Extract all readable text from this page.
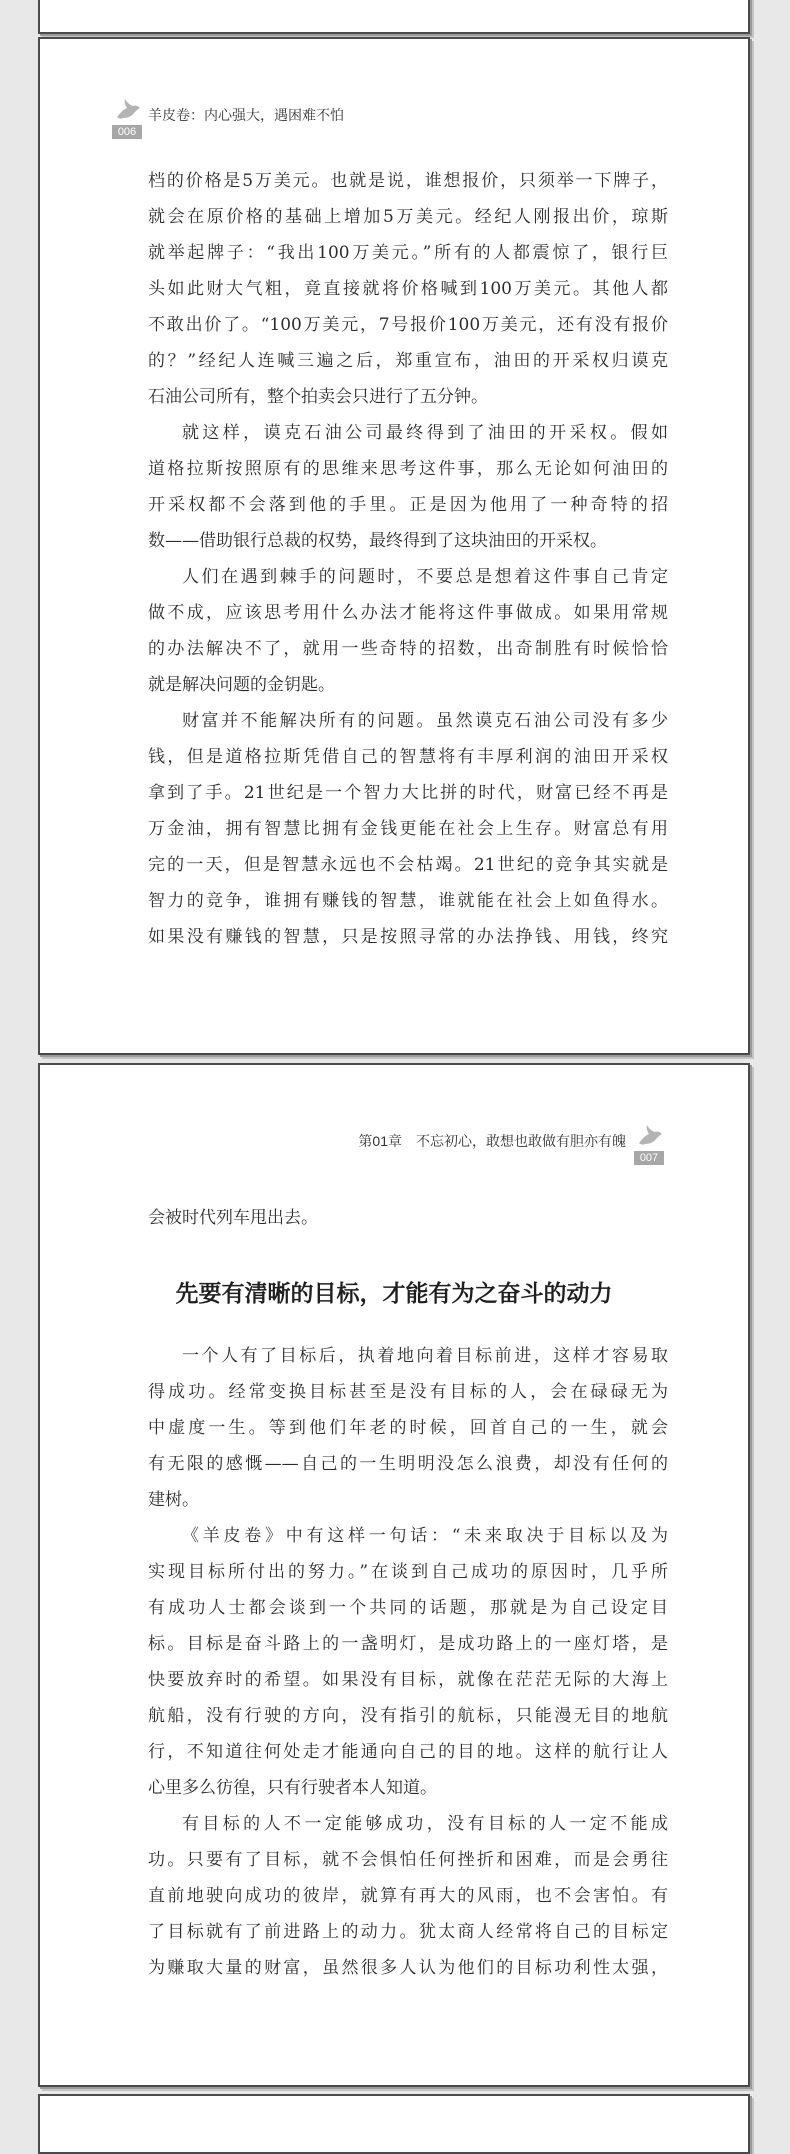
006
羊皮卷：内心强大，遇困难不怕
档的价格是5万美元。也就是说，谁想报价，只须举一下牌子，
就会在原价格的基础上增加5万美元。经纪人刚报出价，琼斯
就举起牌子：“我出100万美元。”所有的人都震惊了，银行巨
头如此财大气粗，竟直接就将价格喊到100万美元。其他人都
不敢出价了。“100万美元，7号报价100万美元，还有没有报价
的？”经纪人连喊三遍之后，郑重宣布，油田的开采权归谟克
石油公司所有，整个拍卖会只进行了五分钟。
就这样，谟克石油公司最终得到了油田的开采权。假如
道格拉斯按照原有的思维来思考这件事，那么无论如何油田的
开采权都不会落到他的手里。正是因为他用了一种奇特的招
数——借助银行总裁的权势，最终得到了这块油田的开采权。
人们在遇到棘手的问题时，不要总是想着这件事自己肯定
做不成，应该思考用什么办法才能将这件事做成。如果用常规
的办法解决不了，就用一些奇特的招数，出奇制胜有时候恰恰
就是解决问题的金钥匙。
财富并不能解决所有的问题。虽然谟克石油公司没有多少
钱，但是道格拉斯凭借自己的智慧将有丰厚利润的油田开采权
拿到了手。21世纪是一个智力大比拼的时代，财富已经不再是
万金油，拥有智慧比拥有金钱更能在社会上生存。财富总有用
完的一天，但是智慧永远也不会枯竭。21世纪的竞争其实就是
智力的竞争，谁拥有赚钱的智慧，谁就能在社会上如鱼得水。
如果没有赚钱的智慧，只是按照寻常的办法挣钱、用钱，终究
第01章　不忘初心，敢想也敢做有胆亦有魄
007
会被时代列车甩出去。
先要有清晰的目标，才能有为之奋斗的动力
一个人有了目标后，执着地向着目标前进，这样才容易取
得成功。经常变换目标甚至是没有目标的人，会在碌碌无为
中虚度一生。等到他们年老的时候，回首自己的一生，就会
有无限的感慨——自己的一生明明没怎么浪费，却没有任何的
建树。
《羊皮卷》中有这样一句话：“未来取决于目标以及为
实现目标所付出的努力。”在谈到自己成功的原因时，几乎所
有成功人士都会谈到一个共同的话题，那就是为自己设定目
标。目标是奋斗路上的一盏明灯，是成功路上的一座灯塔，是
快要放弃时的希望。如果没有目标，就像在茫茫无际的大海上
航船，没有行驶的方向，没有指引的航标，只能漫无目的地航
行，不知道往何处走才能通向自己的目的地。这样的航行让人
心里多么彷徨，只有行驶者本人知道。
有目标的人不一定能够成功，没有目标的人一定不能成
功。只要有了目标，就不会惧怕任何挫折和困难，而是会勇往
直前地驶向成功的彼岸，就算有再大的风雨，也不会害怕。有
了目标就有了前进路上的动力。犹太商人经常将自己的目标定
为赚取大量的财富，虽然很多人认为他们的目标功利性太强，
